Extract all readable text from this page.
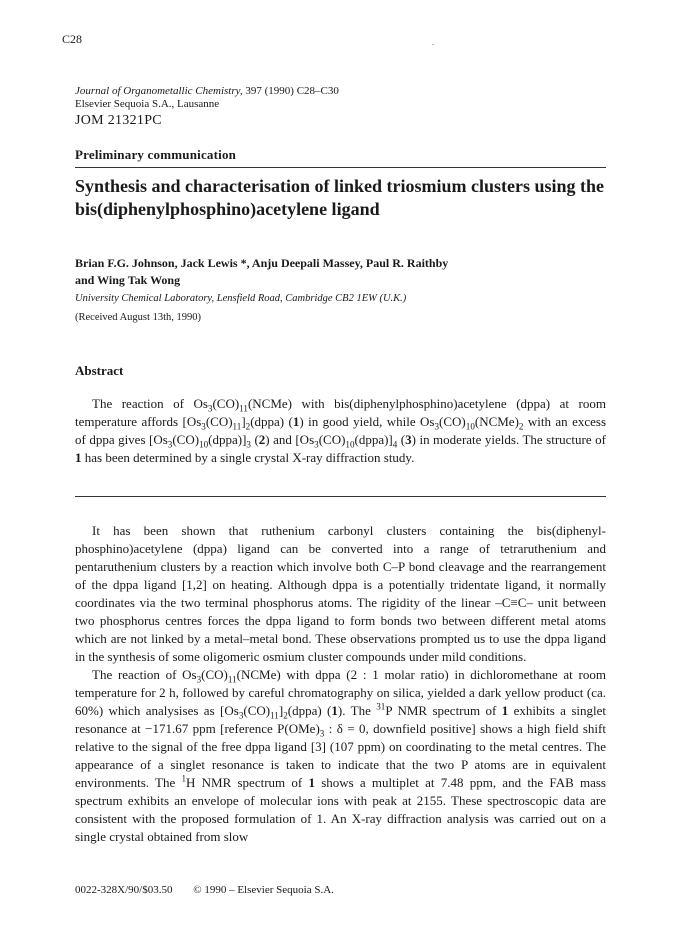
C28
Journal of Organometallic Chemistry, 397 (1990) C28–C30
Elsevier Sequoia S.A., Lausanne
JOM 21321PC
Preliminary communication
Synthesis and characterisation of linked triosmium clusters using the bis(diphenylphosphino)acetylene ligand
Brian F.G. Johnson, Jack Lewis *, Anju Deepali Massey, Paul R. Raithby
and Wing Tak Wong
University Chemical Laboratory, Lensfield Road, Cambridge CB2 1EW (U.K.)
(Received August 13th, 1990)
Abstract

The reaction of $Os_3(CO)_{11}(NCMe)$ with bis(diphenylphosphino)acetylene (dppa) at room temperature affords $[Os_3(CO)_{11}]_2(dppa)$ (1) in good yield, while $Os_3(CO)_{10}(NCMe)_2$ with an excess of dppa gives $[Os_3(CO)_{10}(dppa)]_3$ (2) and $[Os_3(CO)_{10}(dppa)]_4$ (3) in moderate yields. The structure of 1 has been determined by a single crystal X-ray diffraction study.

It has been shown that ruthenium carbonyl clusters containing the bis(diphenylphosphino)acetylene (dppa) ligand can be converted into a range of tetraruthenium and pentaruthenium clusters by a reaction which involve both C–P bond cleavage and the rearrangement of the dppa ligand [1,2] on heating. Although dppa is a potentially tridentate ligand, it normally coordinates via the two terminal phosphorus atoms. The rigidity of the linear –C≡C– unit between two phosphorus centres forces the dppa ligand to form bonds two between different metal atoms which are not linked by a metal–metal bond. These observations prompted us to use the dppa ligand in the synthesis of some oligomeric osmium cluster compounds under mild conditions.

The reaction of $Os_3(CO)_{11}(NCMe)$ with dppa (2 : 1 molar ratio) in dichloromethane at room temperature for 2 h, followed by careful chromatography on silica, yielded a dark yellow product (ca. 60%) which analysises as $[Os_3(CO)_{11}]_2(dppa)$ (1). The $^{31}$P NMR spectrum of 1 exhibits a singlet resonance at −171.67 ppm [reference $P(OMe)_3$ : δ = 0, downfield positive] shows a high field shift relative to the signal of the free dppa ligand [3] (107 ppm) on coordinating to the metal centres. The appearance of a singlet resonance is taken to indicate that the two P atoms are in equivalent environments. The $^1$H NMR spectrum of 1 shows a multiplet at 7.48 ppm, and the FAB mass spectrum exhibits an envelope of molecular ions with peak at 2155. These spectroscopic data are consistent with the proposed formulation of 1. An X-ray diffraction analysis was carried out on a single crystal obtained from slow

0022-328X/90/$03.50 © 1990 – Elsevier Sequoia S.A.
